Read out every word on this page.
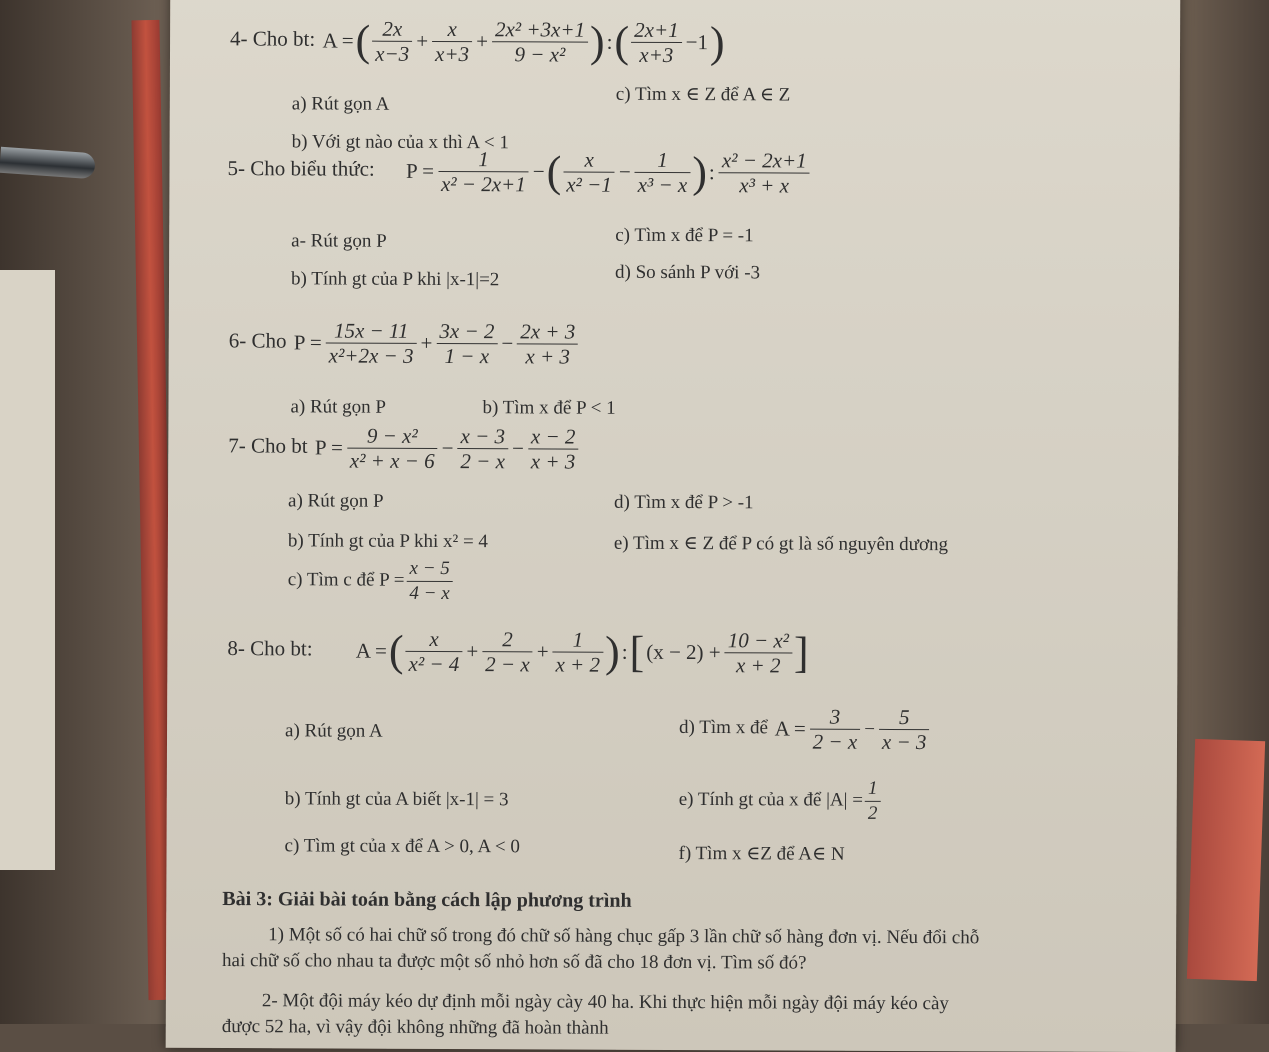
4- Cho bt: A =( $\frac{2x}{x-3} + \frac{x}{x+3} + \frac{\text{2x² +3x+1}}{\text{9 − x²}}$ ):( $\frac{2x+1}{x+3} -1$)
a) Rút gọn A	c) Tìm x ∈ Z để A ∈ Z
b) Với gt nào của x thì A < 1
5- Cho biểu thức: $P = \frac{1}{\text{x² − 2x+1}}$ −( $\frac{x}{\text{x² −1}} - \frac{1}{\text{x³ − x}}$ ): $\frac{\text{x² − 2x+1}}{\text{x³ + x}}$
a- Rút gọn P	c) Tìm x để P = -1
b) Tính gt của P khi |x-1|=2	d) So sánh P với -3
6- Cho $P = \frac{15x - 11}{\text{x²+2x − 3}} + \frac{3x - 2}{1 - x} - \frac{2x + 3}{x + 3}$
a) Rút gọn P	b) Tìm x để P < 1
7- Cho bt $P = \frac{\text{9 − x²}}{\text{x² + x − 6}} - \frac{x - 3}{2 - x} - \frac{x - 2}{x + 3}$
a) Rút gọn P	d) Tìm x để P > -1
b) Tính gt của P khi x² = 4	e) Tìm x ∈ Z để P có gt là số nguyên dương
c) Tìm c để $P = \frac{x - 5}{4 - x}$
8- Cho bt: A =( $\frac{x}{\text{x² − 4}} + \frac{2}{2 - x} + \frac{1}{x + 2}$ ):[(x − $2) + \frac{\text{10 − x²}}{x + 2}$ ]
a) Rút gọn A	d) Tìm x để $A = \frac{3}{2 - x} - \frac{5}{x - 3}$
b) Tính gt của A biết |x-1| = 3	e) Tính gt của x để $|A| = \frac{1}{2}$
c) Tìm gt của x để A > 0, A < 0	f) Tìm x ∈Z để A∈ N
Bài 3: Giải bài toán bằng cách lập phương trình
1) Một số có hai chữ số trong đó chữ số hàng chục gấp 3 lần chữ số hàng đơn vị. Nếu đổi chỗ
hai chữ số cho nhau ta được một số nhỏ hơn số đã cho 18 đơn vị. Tìm số đó?
2- Một đội máy kéo dự định mỗi ngày cày 40 ha. Khi thực hiện mỗi ngày đội máy kéo cày
được 52 ha, vì vậy đội không những đã hoàn thành
